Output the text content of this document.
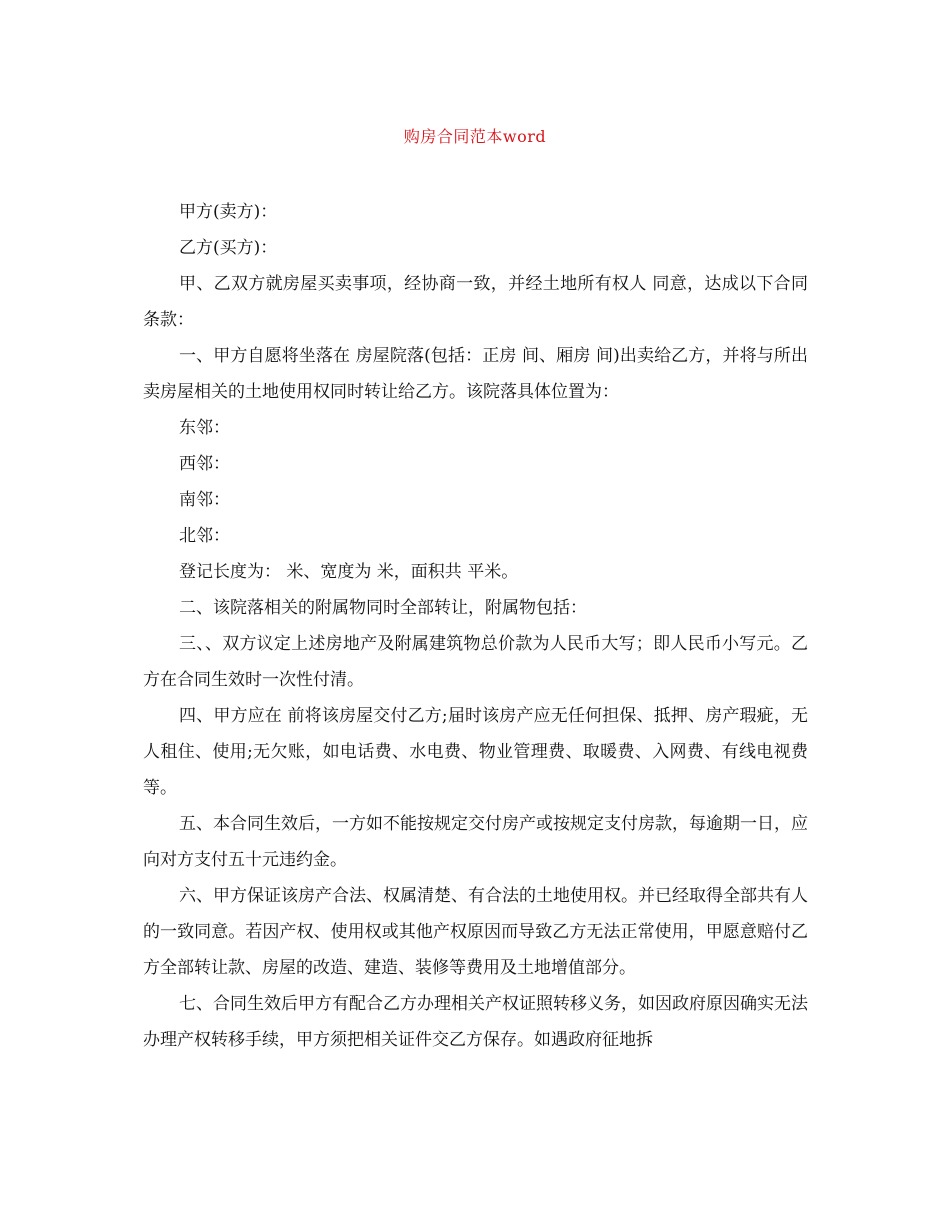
购房合同范本word

甲方(卖方)：

乙方(买方)：

甲、乙双方就房屋买卖事项，经协商一致，并经土地所有权人 同意，达成以下合同条款：

一、甲方自愿将坐落在 房屋院落(包括：正房 间、厢房 间)出卖给乙方，并将与所出卖房屋相关的土地使用权同时转让给乙方。该院落具体位置为：

东邻：

西邻：

南邻：

北邻：

登记长度为： 米、宽度为 米，面积共 平米。

二、该院落相关的附属物同时全部转让，附属物包括：

三、、双方议定上述房地产及附属建筑物总价款为人民币大写；即人民币小写元。乙方在合同生效时一次性付清。

四、甲方应在 前将该房屋交付乙方;届时该房产应无任何担保、抵押、房产瑕疵，无人租住、使用;无欠账，如电话费、水电费、物业管理费、取暖费、入网费、有线电视费等。

五、本合同生效后，一方如不能按规定交付房产或按规定支付房款，每逾期一日，应向对方支付五十元违约金。

六、甲方保证该房产合法、权属清楚、有合法的土地使用权。并已经取得全部共有人的一致同意。若因产权、使用权或其他产权原因而导致乙方无法正常使用，甲愿意赔付乙方全部转让款、房屋的改造、建造、装修等费用及土地增值部分。

七、合同生效后甲方有配合乙方办理相关产权证照转移义务，如因政府原因确实无法办理产权转移手续，甲方须把相关证件交乙方保存。如遇政府征地拆
